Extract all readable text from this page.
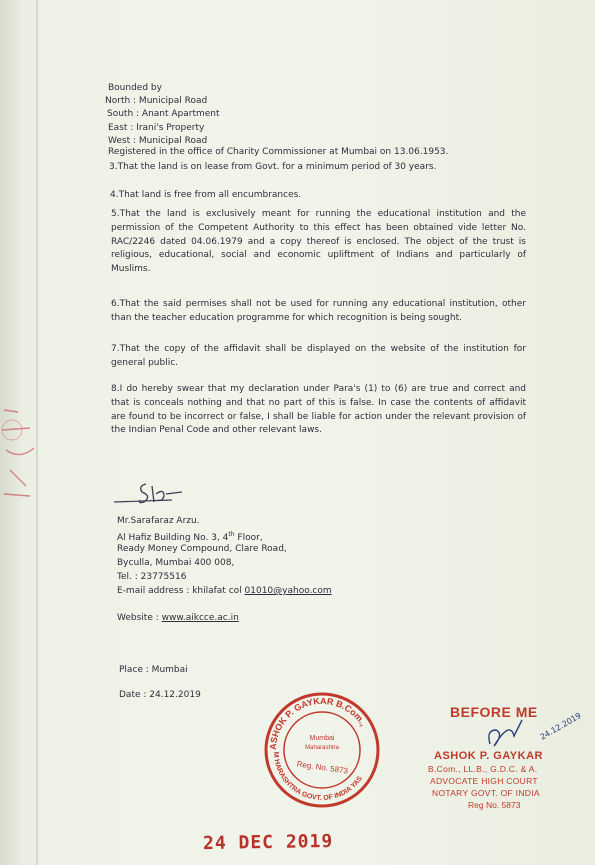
Bounded by
North : Municipal Road
South : Anant Apartment
East : Irani's Property
West : Municipal Road
Registered in the office of Charity Commissioner at Mumbai on 13.06.1953.
3.That the land is on lease from Govt. for a minimum period of 30 years.
4.That land is free from all encumbrances.
5.That the land is exclusively meant for running the educational institution and the permission of the Competent Authority to this effect has been obtained vide letter No. RAC/2246 dated 04.06.1979 and a copy thereof is enclosed. The object of the trust is religious, educational, social and economic upliftment of Indians and particularly of Muslims.
6.That the said permises shall not be used for running any educational institution, other than the teacher education programme for which recognition is being sought.
7.That the copy of the affidavit shall be displayed on the website of the institution for general public.
8.I do hereby swear that my declaration under Para's (1) to (6) are true and correct and that is conceals nothing and that no part of this is false. In case the contents of affidavit are found to be incorrect or false, I shall be liable for action under the relevant provision of the Indian Penal Code and other relevant laws.
Mr.Sarafaraz Arzu.
Al Hafiz Building No. 3, 4th Floor,
Ready Money Compound, Clare Road,
Byculla, Mumbai 400 008,
Tel. : 23775516
E-mail address : khilafat col 01010@yahoo.com
Website : www.aikcce.ac.in
Place : Mumbai
Date : 24.12.2019
ASHOK P. GAYKAR B.Com.,
M HARASHTRA GOVT. OF INDIA YAS
Mumbai
Maharashtra
Reg. No. 5873
BEFORE ME 24.12.2019
ASHOK P. GAYKAR
B.Com., LL.B., G.D.C. & A.
ADVOCATE HIGH COURT
NOTARY GOVT. OF INDIA
Reg No. 5873
24 DEC 2019
